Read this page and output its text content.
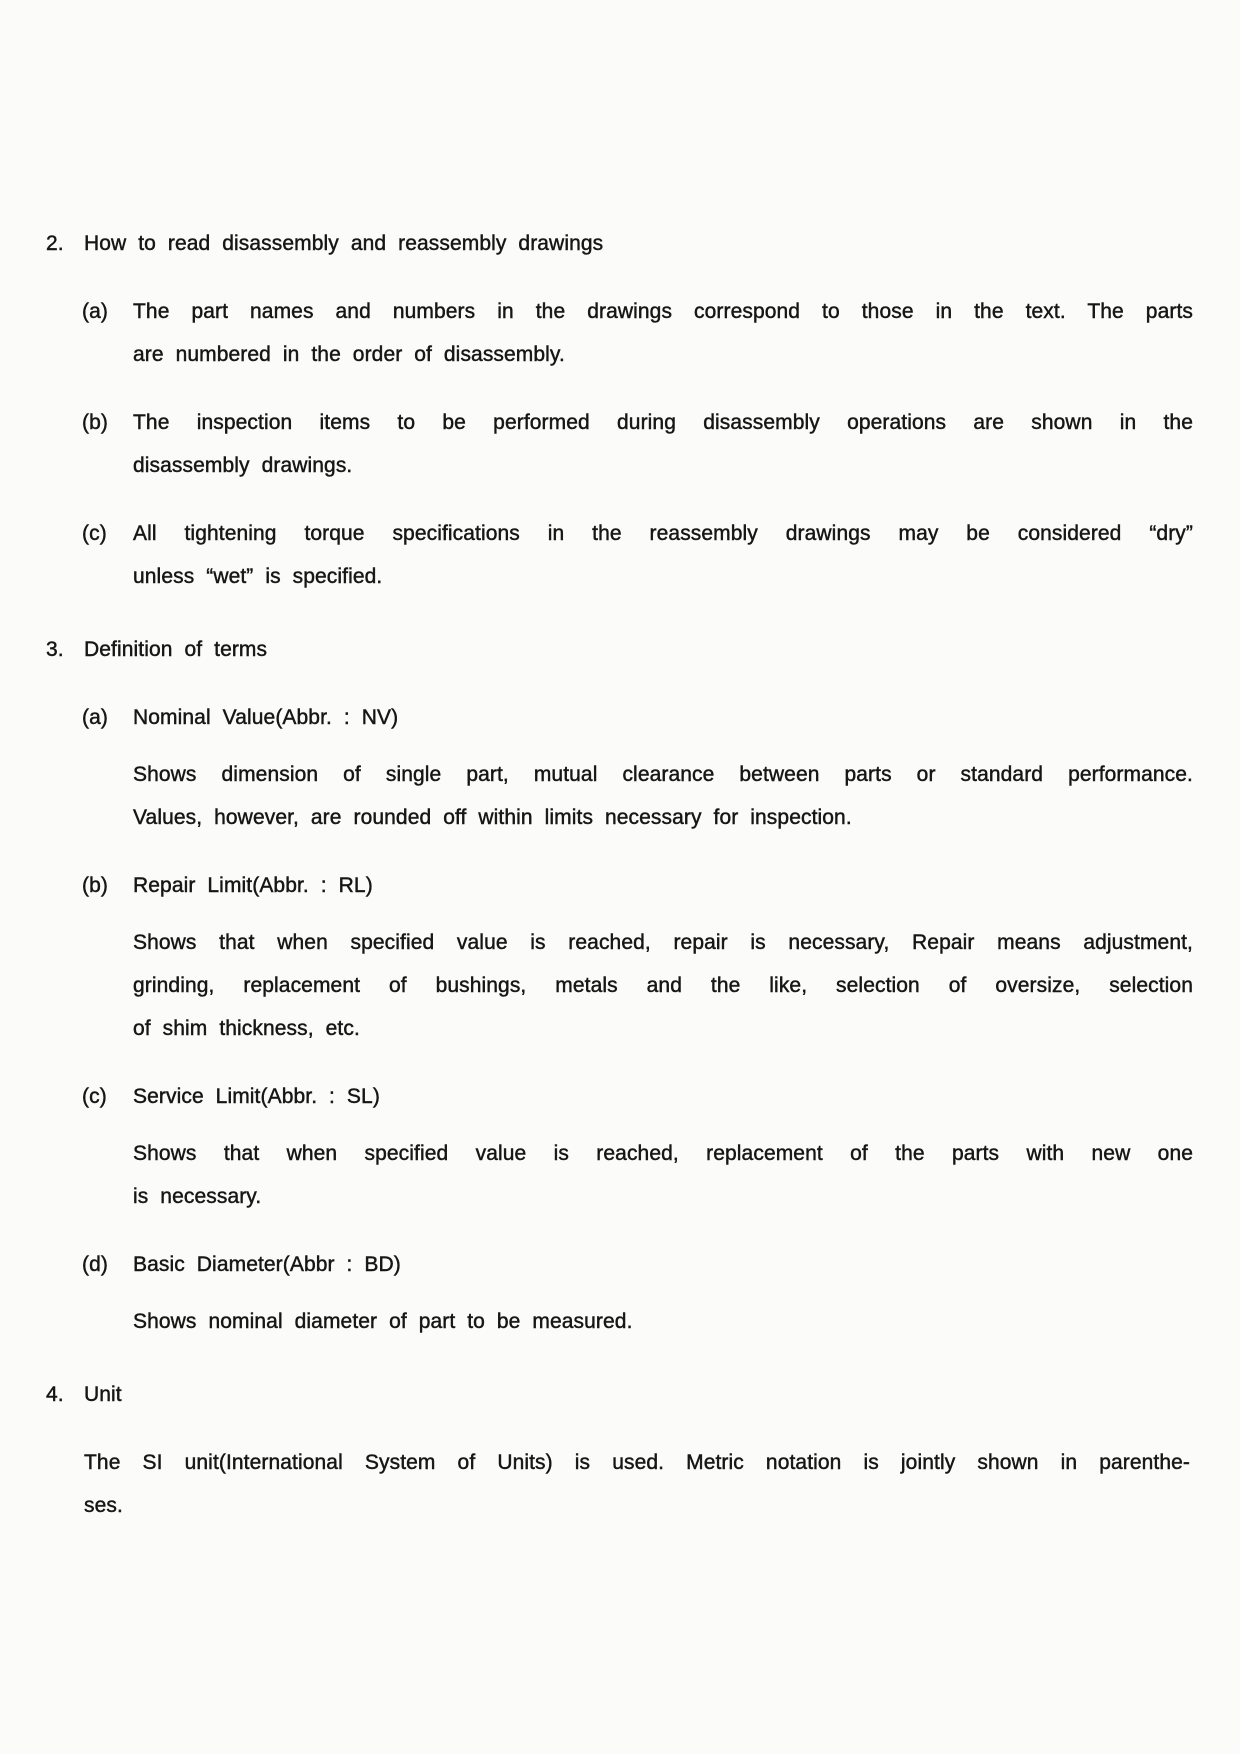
2. How to read disassembly and reassembly drawings
(a)	The part names and numbers in the drawings correspond to those in the text. The parts
are numbered in the order of disassembly.
(b)	The inspection items to be performed during disassembly operations are shown in the
disassembly drawings.
(c)	All tightening torque specifications in the reassembly drawings may be considered “dry”
unless “wet” is specified.
3. Definition of terms
(a)	Nominal Value(Abbr. : NV)
Shows dimension of single part, mutual clearance between parts or standard performance.
Values, however, are rounded off within limits necessary for inspection.
(b)	Repair Limit(Abbr. : RL)
Shows that when specified value is reached, repair is necessary, Repair means adjustment,
grinding, replacement of bushings, metals and the like, selection of oversize, selection
of shim thickness, etc.
(c)	Service Limit(Abbr. : SL)
Shows that when specified value is reached, replacement of the parts with new one
is necessary.
(d)	Basic Diameter(Abbr : BD)
Shows nominal diameter of part to be measured.
4. Unit
The SI unit(International System of Units) is used. Metric notation is jointly shown in parenthe-
ses.
